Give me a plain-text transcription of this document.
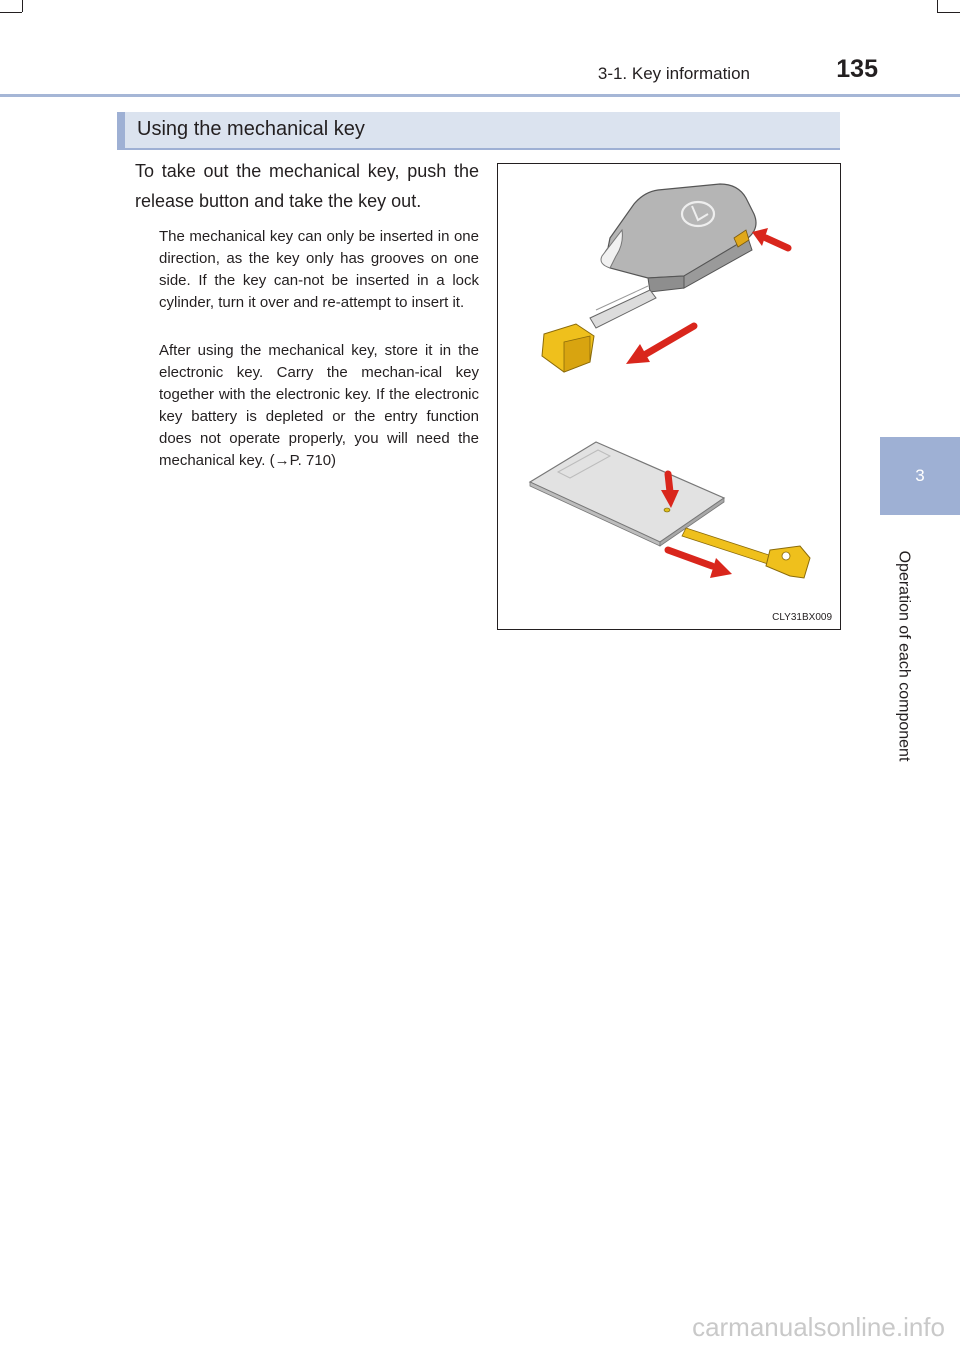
3-1. Key information	135
3
Operation of each component
Using the mechanical key
To take out the mechanical key, push the release button and take the key out.
The mechanical key can only be inserted in one direction, as the key only has grooves on one side. If the key can-not be inserted in a lock cylinder, turn it over and re-attempt to insert it.
After using the mechanical key, store it in the electronic key. Carry the mechan-ical key together with the electronic key. If the electronic key battery is depleted or the entry function does not operate properly, you will need the mechanical key. (→P. 710)
CLY31BX009
carmanualsonline.info
